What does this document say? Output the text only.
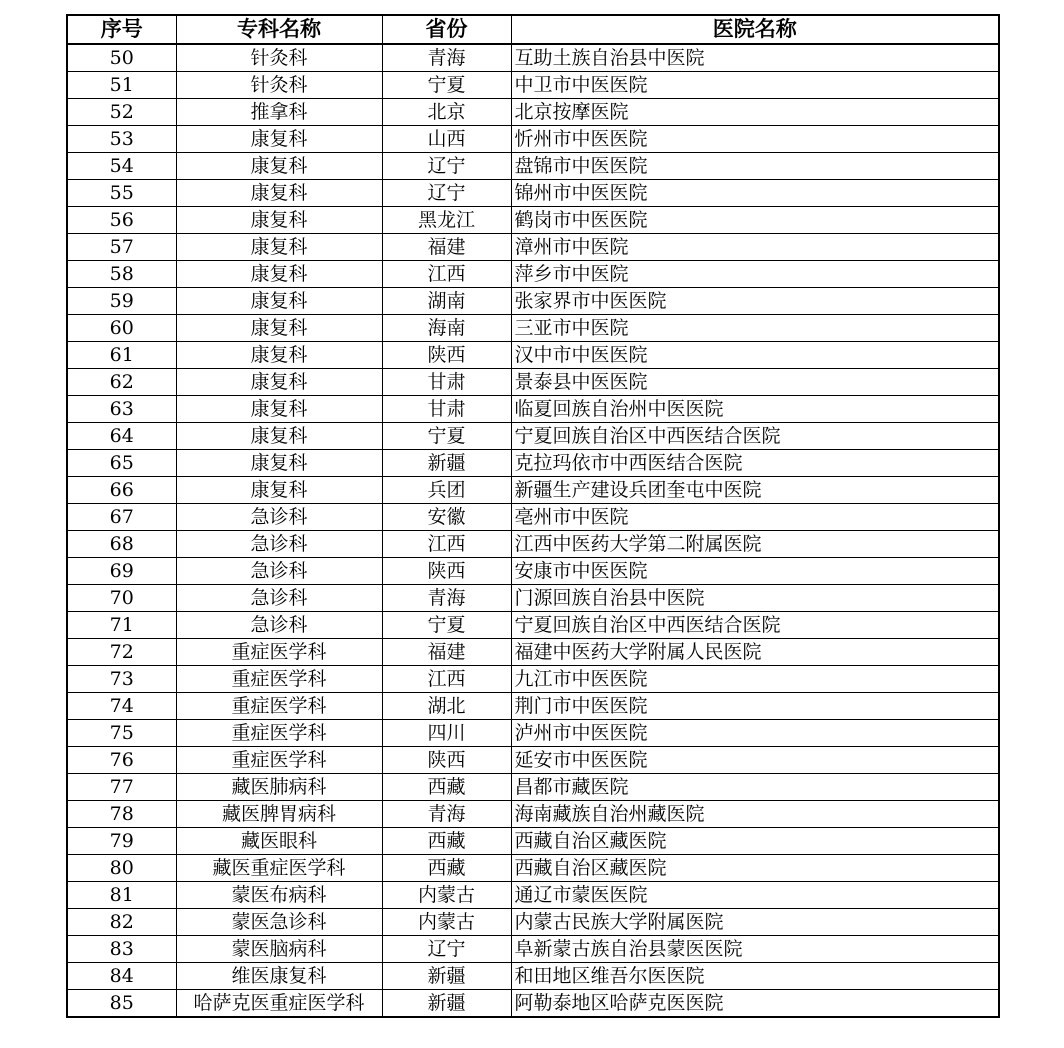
序号	专科名称	省份	医院名称
50	针灸科	青海	互助土族自治县中医院
51	针灸科	宁夏	中卫市中医医院
52	推拿科	北京	北京按摩医院
53	康复科	山西	忻州市中医医院
54	康复科	辽宁	盘锦市中医医院
55	康复科	辽宁	锦州市中医医院
56	康复科	黑龙江	鹤岗市中医医院
57	康复科	福建	漳州市中医院
58	康复科	江西	萍乡市中医院
59	康复科	湖南	张家界市中医医院
60	康复科	海南	三亚市中医院
61	康复科	陕西	汉中市中医医院
62	康复科	甘肃	景泰县中医医院
63	康复科	甘肃	临夏回族自治州中医医院
64	康复科	宁夏	宁夏回族自治区中西医结合医院
65	康复科	新疆	克拉玛依市中西医结合医院
66	康复科	兵团	新疆生产建设兵团奎屯中医院
67	急诊科	安徽	亳州市中医院
68	急诊科	江西	江西中医药大学第二附属医院
69	急诊科	陕西	安康市中医医院
70	急诊科	青海	门源回族自治县中医院
71	急诊科	宁夏	宁夏回族自治区中西医结合医院
72	重症医学科	福建	福建中医药大学附属人民医院
73	重症医学科	江西	九江市中医医院
74	重症医学科	湖北	荆门市中医医院
75	重症医学科	四川	泸州市中医医院
76	重症医学科	陕西	延安市中医医院
77	藏医肺病科	西藏	昌都市藏医院
78	藏医脾胃病科	青海	海南藏族自治州藏医院
79	藏医眼科	西藏	西藏自治区藏医院
80	藏医重症医学科	西藏	西藏自治区藏医院
81	蒙医布病科	内蒙古	通辽市蒙医医院
82	蒙医急诊科	内蒙古	内蒙古民族大学附属医院
83	蒙医脑病科	辽宁	阜新蒙古族自治县蒙医医院
84	维医康复科	新疆	和田地区维吾尔医医院
85	哈萨克医重症医学科	新疆	阿勒泰地区哈萨克医医院
